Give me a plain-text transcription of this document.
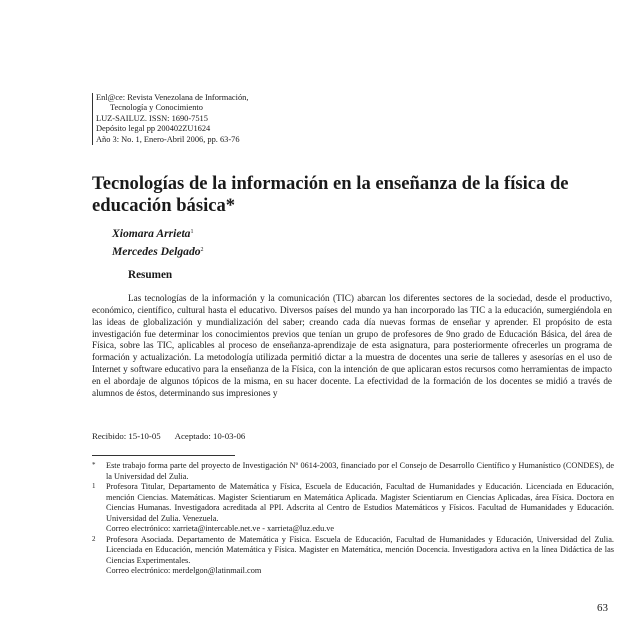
Enl@ce: Revista Venezolana de Información,
Tecnología y Conocimiento
LUZ-SAILUZ. ISSN: 1690-7515
Depósito legal pp 200402ZU1624
Año 3: No. 1, Enero-Abril 2006, pp. 63-76
Tecnologías de la información en la enseñanza de la física de educación básica*
Xiomara Arrieta$^1$
Mercedes Delgado$^2$
Resumen

Las tecnologías de la información y la comunicación (TIC) abarcan los diferentes sectores de la sociedad, desde el productivo, económico, científico, cultural hasta el educativo. Diversos países del mundo ya han incorporado las TIC a la educación, sumergiéndola en las ideas de globalización y mundialización del saber; creando cada día nuevas formas de enseñar y aprender. El propósito de esta investigación fue determinar los conocimientos previos que tenían un grupo de profesores de 9no grado de Educación Básica, del área de Física, sobre las TIC, aplicables al proceso de enseñanza-aprendizaje de esta asignatura, para posteriormente ofrecerles un programa de formación y actualización. La metodología utilizada permitió dictar a la muestra de docentes una serie de talleres y asesorías en el uso de Internet y software educativo para la enseñanza de la Física, con la intención de que aplicaran estos recursos como herramientas de impacto en el abordaje de algunos tópicos de la misma, en su hacer docente. La efectividad de la formación de los docentes se midió a través de alumnos de éstos, determinando sus impresiones y

Recibido: 15-10-05 Aceptado: 10-03-06
* Este trabajo forma parte del proyecto de Investigación Nº 0614-2003, financiado por el Consejo de Desarrollo Científico y Humanístico (CONDES), de la Universidad del Zulia.

1 Profesora Titular, Departamento de Matemática y Física, Escuela de Educación, Facultad de Humanidades y Educación. Licenciada en Educación, mención Ciencias. Matemáticas. Magister Scientiarum en Matemática Aplicada. Magister Scientiarum en Ciencias Aplicadas, área Física. Doctora en Ciencias Humanas. Investigadora acreditada al PPI. Adscrita al Centro de Estudios Matemáticos y Físicos. Facultad de Humanidades y Educación. Universidad del Zulia. Venezuela.

Correo electrónico: xarrieta@intercable.net.ve - xarrieta@luz.edu.ve

2 Profesora Asociada. Departamento de Matemática y Física. Escuela de Educación, Facultad de Humanidades y Educación, Universidad del Zulia. Licenciada en Educación, mención Matemática y Física. Magister en Matemática, mención Docencia. Investigadora activa en la línea Didáctica de las Ciencias Experimentales.

Correo electrónico: merdelgon@latinmail.com

63
